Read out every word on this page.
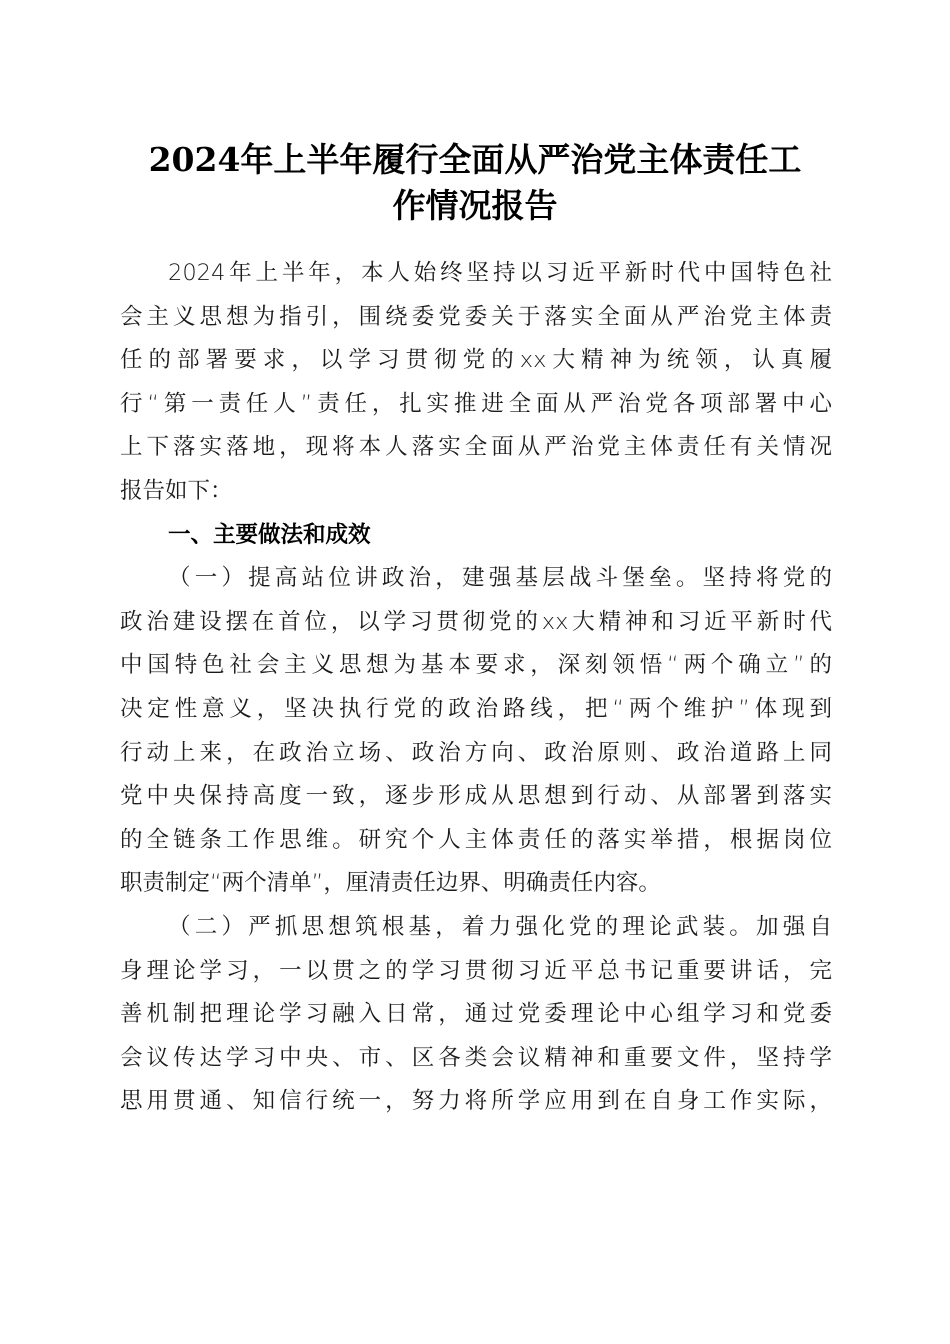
2024年上半年履行全面从严治党主体责任工
作情况报告
2024年上半年，本人始终坚持以习近平新时代中国特色社
会主义思想为指引，围绕委党委关于落实全面从严治党主体责
任的部署要求，以学习贯彻党的xx大精神为统领，认真履
行“第一责任人”责任，扎实推进全面从严治党各项部署中心
上下落实落地，现将本人落实全面从严治党主体责任有关情况
报告如下：
一、主要做法和成效
（一）提高站位讲政治，建强基层战斗堡垒。坚持将党的
政治建设摆在首位，以学习贯彻党的xx大精神和习近平新时代
中国特色社会主义思想为基本要求，深刻领悟“两个确立”的
决定性意义，坚决执行党的政治路线，把“两个维护”体现到
行动上来，在政治立场、政治方向、政治原则、政治道路上同
党中央保持高度一致，逐步形成从思想到行动、从部署到落实
的全链条工作思维。研究个人主体责任的落实举措，根据岗位
职责制定“两个清单”，厘清责任边界、明确责任内容。
（二）严抓思想筑根基，着力强化党的理论武装。加强自
身理论学习，一以贯之的学习贯彻习近平总书记重要讲话，完
善机制把理论学习融入日常，通过党委理论中心组学习和党委
会议传达学习中央、市、区各类会议精神和重要文件，坚持学
思用贯通、知信行统一，努力将所学应用到在自身工作实际，
